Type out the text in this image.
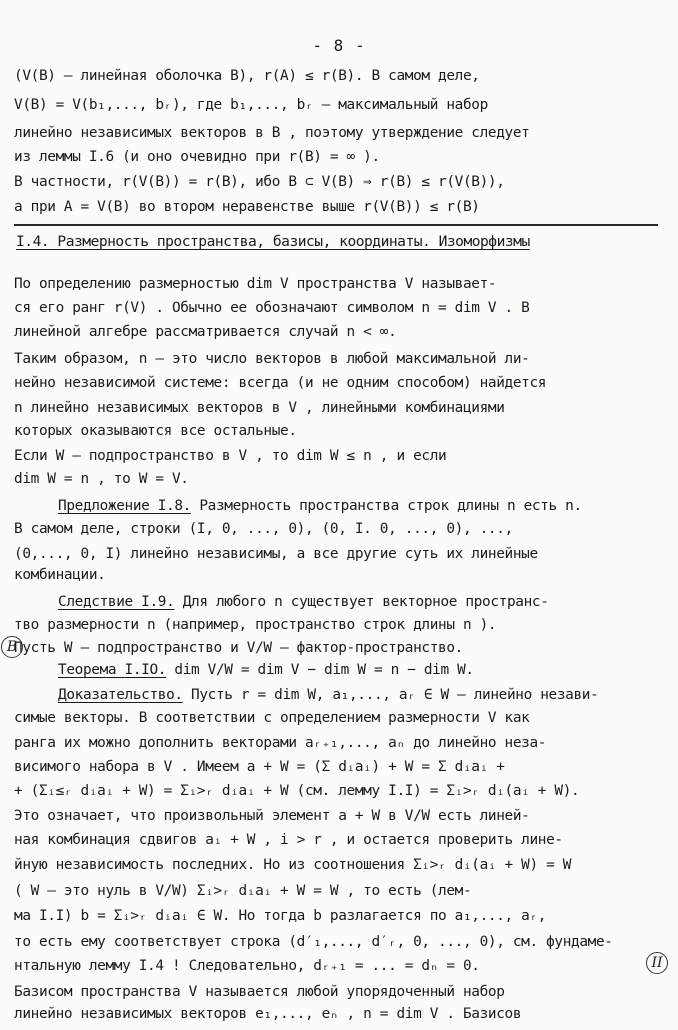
- 8 -
(V(B) – линейная оболочка B), r(A) ≤ r(B). В самом деле,
V(B) = V(b₁,..., bᵣ), где b₁,..., bᵣ – максимальный набор
линейно независимых векторов в B , поэтому утверждение следует
из леммы I.6 (и оно очевидно при r(B) = ∞ ).
В частности, r(V(B)) = r(B), ибо B ⊂ V(B) ⇒ r(B) ≤ r(V(B)),
а при A = V(B) во втором неравенстве выше r(V(B)) ≤ r(B)
I.4. Размерность пространства, базисы, координаты. Изоморфизмы
По определению размерностью dim V пространства V называет-
ся его ранг r(V) . Обычно ее обозначают символом n = dim V . В
линейной алгебре рассматривается случай n < ∞.
Таким образом, n – это число векторов в любой максимальной ли-
нейно независимой системе: всегда (и не одним способом) найдется
n линейно независимых векторов в V , линейными комбинациями
которых оказываются все остальные.
Если W – подпространство в V , то dim W ≤ n , и если
dim W = n , то W = V.
Предложение I.8. Размерность пространства строк длины n есть n.
В самом деле, строки (I, 0, ..., 0), (0, I. 0, ..., 0), ...,
(0,..., 0, I) линейно независимы, а все другие суть их линейные
комбинации.
Следствие I.9. Для любого n существует векторное пространс-
тво размерности n (например, пространство строк длины n ).
Пусть W – подпространство и V/W – фактор-пространство.
Теорема I.IO. dim V/W = dim V − dim W = n − dim W.
Доказательство. Пусть r = dim W, a₁,..., aᵣ ∈ W – линейно незави-
симые векторы. В соответствии с определением размерности V как
ранга их можно дополнить векторами aᵣ₊₁,..., aₙ до линейно неза-
висимого набора в V . Имеем a + W = (Σ dᵢaᵢ) + W = Σ dᵢaᵢ +
+ (Σᵢ≤ᵣ dᵢaᵢ + W) = Σᵢ>ᵣ dᵢaᵢ + W (см. лемму I.I) = Σᵢ>ᵣ dᵢ(aᵢ + W).
Это означает, что произвольный элемент a + W в V/W есть линей-
ная комбинация сдвигов aᵢ + W , i > r , и остается проверить лине-
йную независимость последних. Но из соотношения Σᵢ>ᵣ dᵢ(aᵢ + W) = W
( W – это нуль в V/W) Σᵢ>ᵣ dᵢaᵢ + W = W , то есть (лем-
ма I.I) b = Σᵢ>ᵣ dᵢaᵢ ∈ W. Но тогда b разлагается по a₁,..., aᵣ,
то есть ему соответствует строка (d′₁,..., d′ᵣ, 0, ..., 0), см. фундаме-
нтальную лемму I.4 ! Следовательно, dᵣ₊₁ = ... = dₙ = 0.
Базисом пространства V называется любой упорядоченный набор
линейно независимых векторов e₁,..., eₙ , n = dim V . Базисов
B
II
